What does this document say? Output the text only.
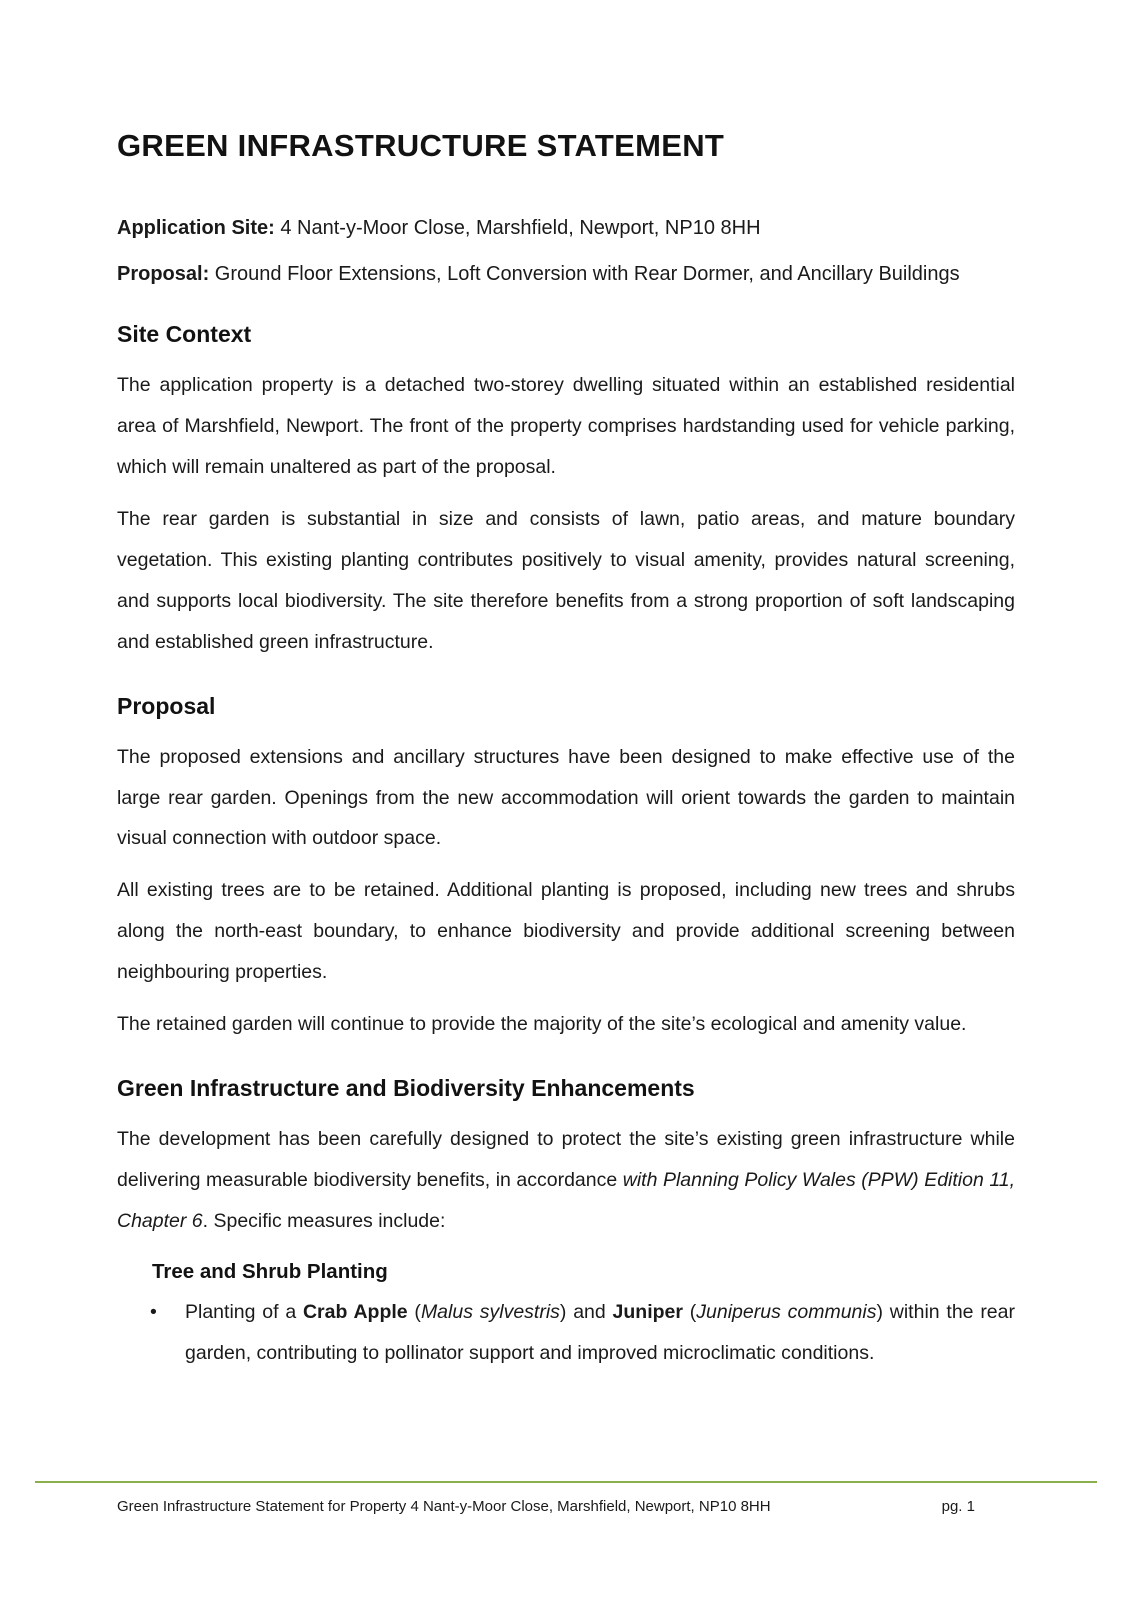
GREEN INFRASTRUCTURE STATEMENT

Application Site: 4 Nant-y-Moor Close, Marshfield, Newport, NP10 8HH

Proposal: Ground Floor Extensions, Loft Conversion with Rear Dormer, and Ancillary Buildings

Site Context

The application property is a detached two-storey dwelling situated within an established residential area of Marshfield, Newport. The front of the property comprises hardstanding used for vehicle parking, which will remain unaltered as part of the proposal.

The rear garden is substantial in size and consists of lawn, patio areas, and mature boundary vegetation. This existing planting contributes positively to visual amenity, provides natural screening, and supports local biodiversity. The site therefore benefits from a strong proportion of soft landscaping and established green infrastructure.

Proposal

The proposed extensions and ancillary structures have been designed to make effective use of the large rear garden. Openings from the new accommodation will orient towards the garden to maintain visual connection with outdoor space.

All existing trees are to be retained. Additional planting is proposed, including new trees and shrubs along the north-east boundary, to enhance biodiversity and provide additional screening between neighbouring properties.

The retained garden will continue to provide the majority of the site’s ecological and amenity value.

Green Infrastructure and Biodiversity Enhancements

The development has been carefully designed to protect the site’s existing green infrastructure while delivering measurable biodiversity benefits, in accordance with Planning Policy Wales (PPW) Edition 11, Chapter 6. Specific measures include:

Tree and Shrub Planting
•	Planting of a Crab Apple (Malus sylvestris) and Juniper (Juniperus communis) within the rear garden, contributing to pollinator support and improved microclimatic conditions.
Green Infrastructure Statement for Property 4 Nant-y-Moor Close, Marshfield, Newport, NP10 8HH	pg. 1
